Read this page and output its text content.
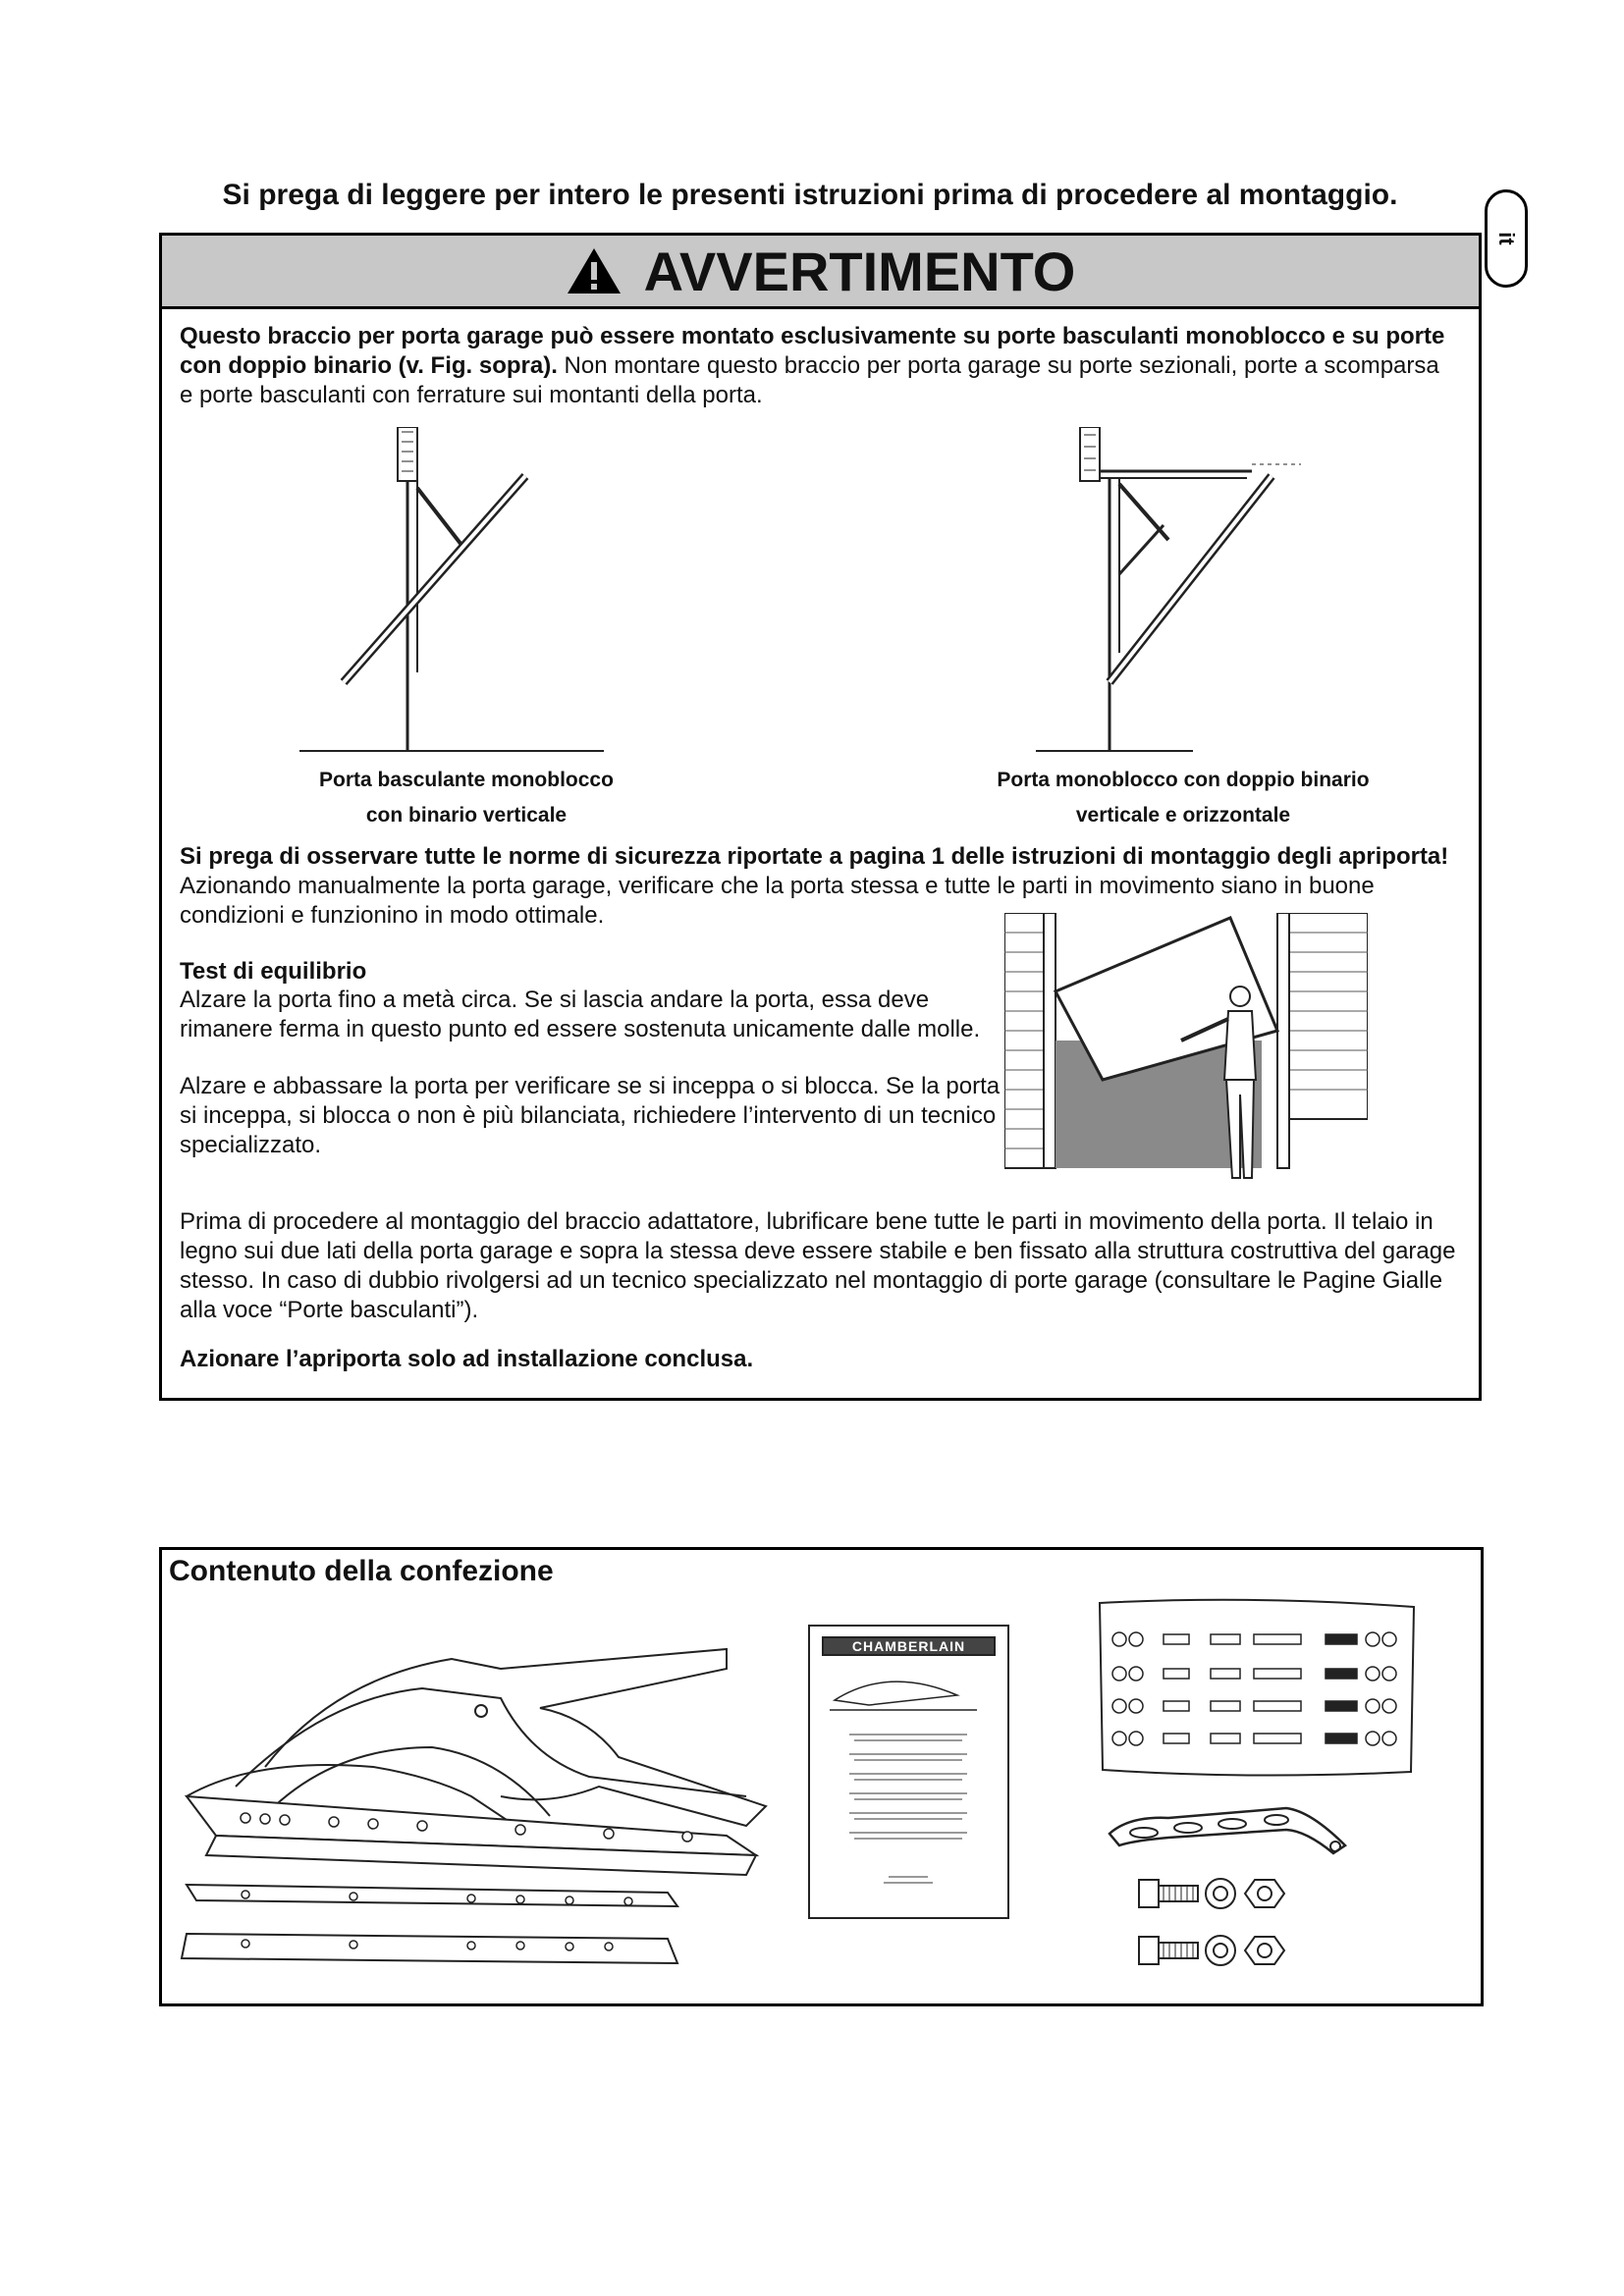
Si prega di leggere per intero le presenti istruzioni prima di procedere al montaggio.
it
AVVERTIMENTO

Questo braccio per porta garage può essere montato esclusivamente su porte basculanti monoblocco e su porte con doppio binario (v. Fig. sopra). Non montare questo braccio per porta garage su porte sezionali, porte a scomparsa e porte basculanti con ferrature sui montanti della porta.

Porta basculante monoblocco
con binario verticale
Porta monoblocco con doppio binario
verticale e orizzontale

Si prega di osservare tutte le norme di sicurezza riportate a pagina 1 delle istruzioni di montaggio degli apriporta! Azionando manualmente la porta garage, verificare che la porta stessa e tutte le parti in movimento siano in buone condizioni e funzionino in modo ottimale.

Test di equilibrio

Alzare la porta fino a metà circa. Se si lascia andare la porta, essa deve rimanere ferma in questo punto ed essere sostenuta unicamente dalle molle.

Alzare e abbassare la porta per verificare se si inceppa o si blocca. Se la porta si inceppa, si blocca o non è più bilanciata, richiedere l’intervento di un tecnico specializzato.

Prima di procedere al montaggio del braccio adattatore, lubrificare bene tutte le parti in movimento della porta. Il telaio in legno sui due lati della porta garage e sopra la stessa deve essere stabile e ben fissato alla struttura costruttiva del garage stesso. In caso di dubbio rivolgersi ad un tecnico specializzato nel montaggio di porte garage (consultare le Pagine Gialle alla voce “Porte basculanti”).

Azionare l’apriporta solo ad installazione conclusa.

Contenuto della confezione
CHAMBERLAIN
